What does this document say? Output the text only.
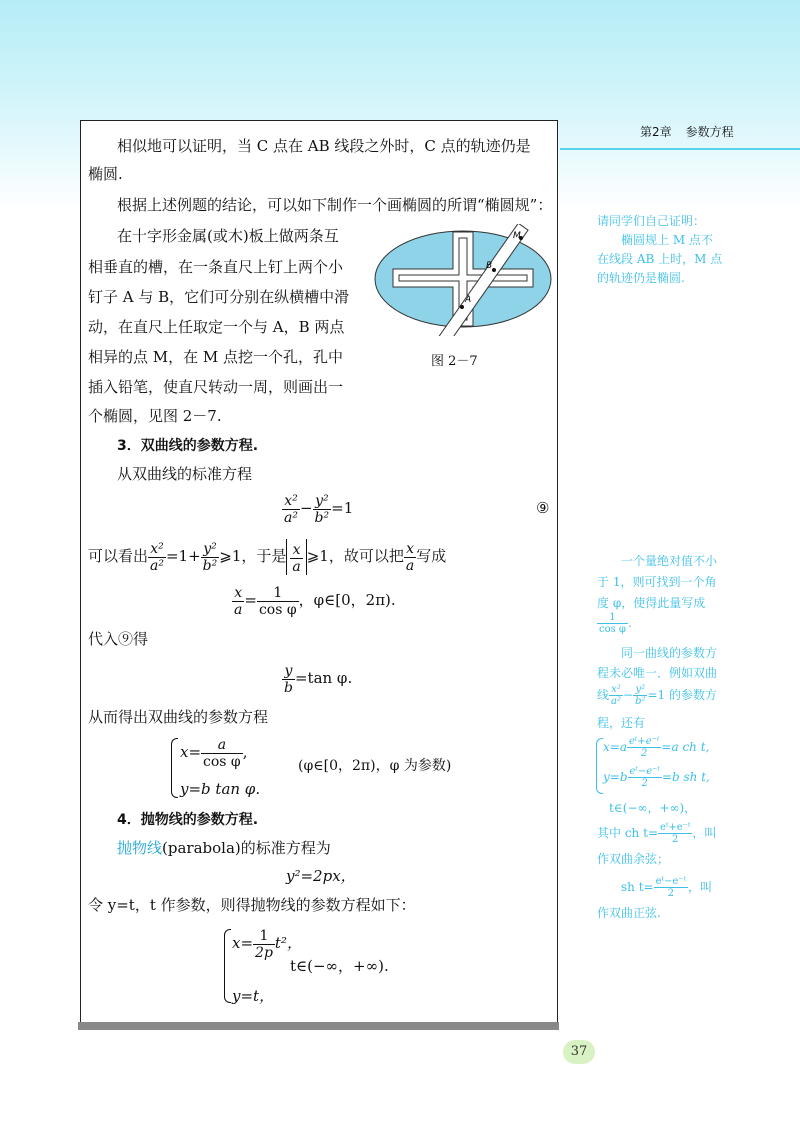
第2章 参数方程
相似地可以证明，当 C 点在 AB 线段之外时，C 点的轨迹仍是
椭圆.
根据上述例题的结论，可以如下制作一个画椭圆的所谓“椭圆规”：
在十字形金属(或木)板上做两条互
相垂直的槽，在一条直尺上钉上两个小
钉子 A 与 B，它们可分别在纵横槽中滑
动，在直尺上任取定一个与 A，B 两点
相异的点 M，在 M 点挖一个孔，孔中
插入铅笔，使直尺转动一周，则画出一
个椭圆，见图 2－7.
A
B
M
图 2－7
3．双曲线的参数方程.
从双曲线的标准方程
$\frac{\text{x²}}{\text{a²}} - \frac{\text{y²}}{\text{b²}} =1$	⑨
可以看出 $\frac{\text{x²}}{\text{a²}} =1+ \frac{\text{y²}}{\text{b²}}$ ⩾1，于是 $\frac{x}{a}$ ⩾1，故可以把 $\frac{x}{a}$ 写成
$\frac{x}{a} = \frac{1}{\text{cos φ}}$ ，φ∈[0，2π).
代入⑨得
$\frac{y}{b} =\tan$ φ.
从而得出双曲线的参数方程
$x= \frac{a}{\text{cos φ}}$ ,
y=b tan φ.
(φ∈[0，2π)，φ 为参数)
4．抛物线的参数方程.
抛物线(parabola)的标准方程为
y²=2px，
令 y=t，t 作参数，则得抛物线的参数方程如下：
$x= \frac{1}{2p} t^2$，
t∈(−∞，+∞).
y=t，
请同学们自己证明：
椭圆规上 M 点不
在线段 AB 上时，M 点
的轨迹仍是椭圆.
一个量绝对值不小
于 1，则可找到一个角
度 φ，使得此量写成
$\frac{1}{\text{cos φ}}$ .
同一曲线的参数方
程未必唯一．例如双曲
线 $\frac{\text{x²}}{\text{a²}} - \frac{\text{y²}}{\text{b²}} =1$ 的参数方
程，还有
$x=a \frac{\text{eᵗ+e⁻ᵗ}}{2} =a$ ch t,
$y=b \frac{\text{eᵗ−e⁻ᵗ}}{2} =b$ sh t,
t∈(−∞，+∞)，
其中 ch $t= \frac{\text{eᵗ+e⁻ᵗ}}{2}$ ，叫
作双曲余弦；
sh $t= \frac{\text{eᵗ−e⁻ᵗ}}{2}$ ，叫
作双曲正弦.
37
